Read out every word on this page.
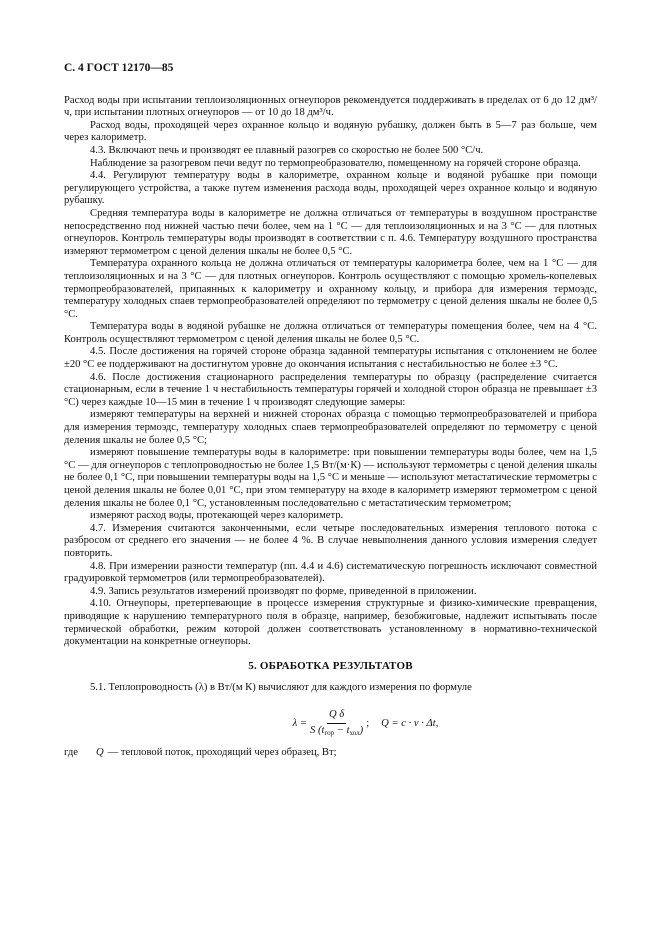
С. 4 ГОСТ 12170—85

Расход воды при испытании теплоизоляционных огнеупоров рекомендуется поддерживать в пределах от 6 до 12 дм³/ч, при испытании плотных огнеупоров — от 10 до 18 дм³/ч.

Расход воды, проходящей через охранное кольцо и водяную рубашку, должен быть в 5—7 раз больше, чем через калориметр.

4.3. Включают печь и производят ее плавный разогрев со скоростью не более 500 °С/ч.

Наблюдение за разогревом печи ведут по термопреобразователю, помещенному на горячей стороне образца.

4.4. Регулируют температуру воды в калориметре, охранном кольце и водяной рубашке при помощи регулирующего устройства, а также путем изменения расхода воды, проходящей через охранное кольцо и водяную рубашку.

Средняя температура воды в калориметре не должна отличаться от температуры в воздушном пространстве непосредственно под нижней частью печи более, чем на 1 °С — для теплоизоляционных и на 3 °С — для плотных огнеупоров. Контроль температуры воды производят в соответствии с п. 4.6. Температуру воздушного пространства измеряют термометром с ценой деления шкалы не более 0,5 °С.

Температура охранного кольца не должна отличаться от температуры калориметра более, чем на 1 °С — для теплоизоляционных и на 3 °С — для плотных огнеупоров. Контроль осуществляют с помощью хромель-копелевых термопреобразователей, припаянных к калориметру и охранному кольцу, и прибора для измерения термоэдс, температуру холодных спаев термопреобразователей определяют по термометру с ценой деления шкалы не более 0,5 °С.

Температура воды в водяной рубашке не должна отличаться от температуры помещения более, чем на 4 °С. Контроль осуществляют термометром с ценой деления шкалы не более 0,5 °С.

4.5. После достижения на горячей стороне образца заданной температуры испытания с отклонением не более ±20 °С ее поддерживают на достигнутом уровне до окончания испытания с нестабильностью не более ±3 °С.

4.6. После достижения стационарного распределения температуры по образцу (распределение считается стационарным, если в течение 1 ч нестабильность температуры горячей и холодной сторон образца не превышает ±3 °С) через каждые 10—15 мин в течение 1 ч производят следующие замеры:

измеряют температуры на верхней и нижней сторонах образца с помощью термопреобразователей и прибора для измерения термоэдс, температуру холодных спаев термопреобразователей определяют по термометру с ценой деления шкалы не более 0,5 °С;

измеряют повышение температуры воды в калориметре: при повышении температуры воды более, чем на 1,5 °С — для огнеупоров с теплопроводностью не более 1,5 Вт/(м·К) — используют термометры с ценой деления шкалы не более 0,1 °С, при повышении температуры воды на 1,5 °С и меньше — используют метастатические термометры с ценой деления шкалы не более 0,01 °С, при этом температуру на входе в калориметр измеряют термометром с ценой деления шкалы не более 0,1 °С, установленным последовательно с метастатическим термометром;

измеряют расход воды, протекающей через калориметр.

4.7. Измерения считаются законченными, если четыре последовательных измерения теплового потока с разбросом от среднего его значения — не более 4 %. В случае невыполнения данного условия измерения следует повторить.

4.8. При измерении разности температур (пп. 4.4 и 4.6) систематическую погрешность исключают совместной градуировкой термометров (или термопреобразователей).

4.9. Запись результатов измерений производят по форме, приведенной в приложении.

4.10. Огнеупоры, претерпевающие в процессе измерения структурные и физико-химические превращения, приводящие к нарушению температурного поля в образце, например, безобжиговые, надлежит испытывать после термической обработки, режим которой должен соответствовать установленному в нормативно-технической документации на конкретные огнеупоры.

5. ОБРАБОТКА РЕЗУЛЬТАТОВ

5.1. Теплопроводность (λ) в Вт/(м К) вычисляют для каждого измерения по формуле

$\lambda = \frac{\text{Q δ}}{S (t_{гор} - t_{хол})}$ ; Q = c · v · Δt,
где	Q — тепловой поток, проходящий через образец, Вт;
